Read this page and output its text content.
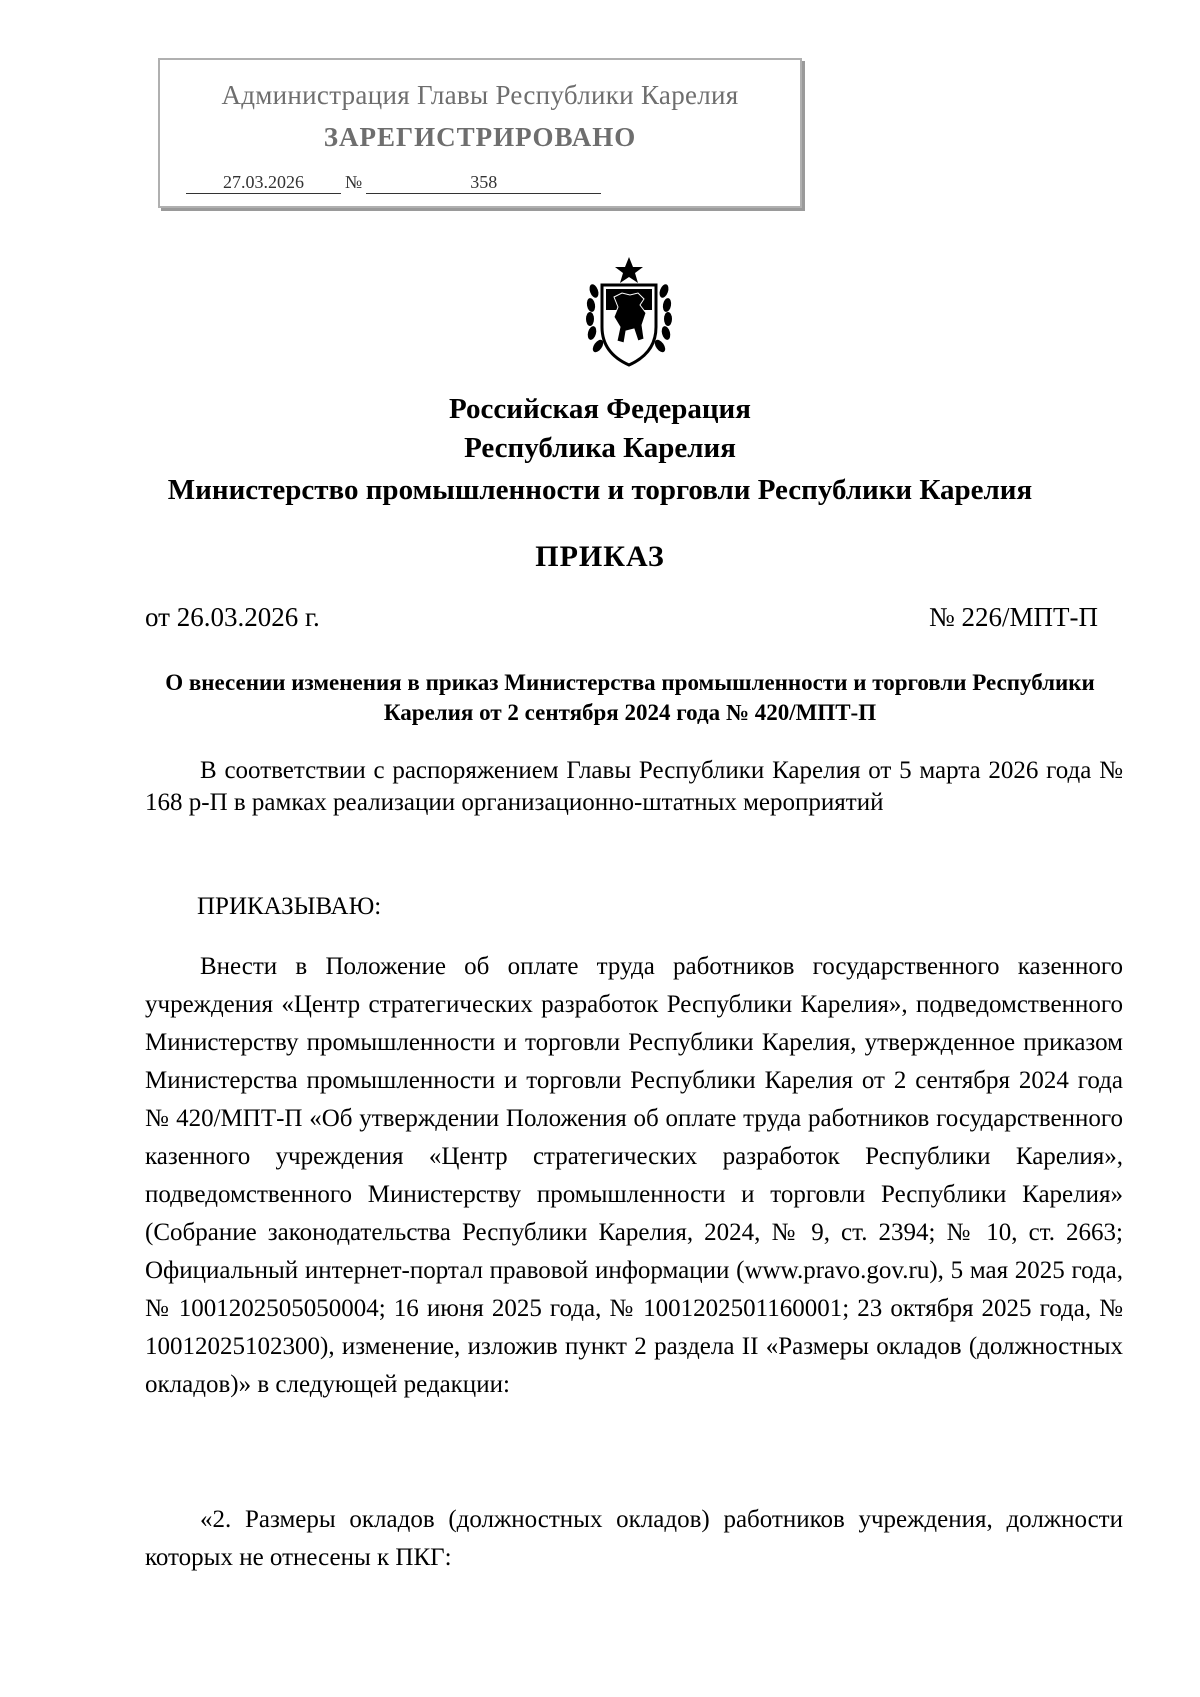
Администрация Главы Республики Карелия
ЗАРЕГИСТРИРОВАНО
27.03.2026 №	358
Российская Федерация
Республика Карелия
Министерство промышленности и торговли Республики Карелия
ПРИКАЗ
от 26.03.2026 г.	№ 226/МПТ-П
О внесении изменения в приказ Министерства промышленности и торговли Республики Карелия от 2 сентября 2024 года № 420/МПТ-П
В соответствии с распоряжением Главы Республики Карелия от 5 марта 2026 года № 168 р-П в рамках реализации организационно-штатных мероприятий
ПРИКАЗЫВАЮ:
Внести в Положение об оплате труда работников государственного казенного учреждения «Центр стратегических разработок Республики Карелия», подведомственного Министерству промышленности и торговли Республики Карелия, утвержденное приказом Министерства промышленности и торговли Республики Карелия от 2 сентября 2024 года № 420/МПТ-П «Об утверждении Положения об оплате труда работников государственного казенного учреждения «Центр стратегических разработок Республики Карелия», подведомственного Министерству промышленности и торговли Республики Карелия» (Собрание законодательства Республики Карелия, 2024, № 9, ст. 2394; № 10, ст. 2663; Официальный интернет-портал правовой информации (www.pravo.gov.ru), 5 мая 2025 года, № 1001202505050004; 16 июня 2025 года, № 1001202501160001; 23 октября 2025 года, № 10012025102300), изменение, изложив пункт 2 раздела II «Размеры окладов (должностных окладов)» в следующей редакции:
«2. Размеры окладов (должностных окладов) работников учреждения, должности которых не отнесены к ПКГ:
